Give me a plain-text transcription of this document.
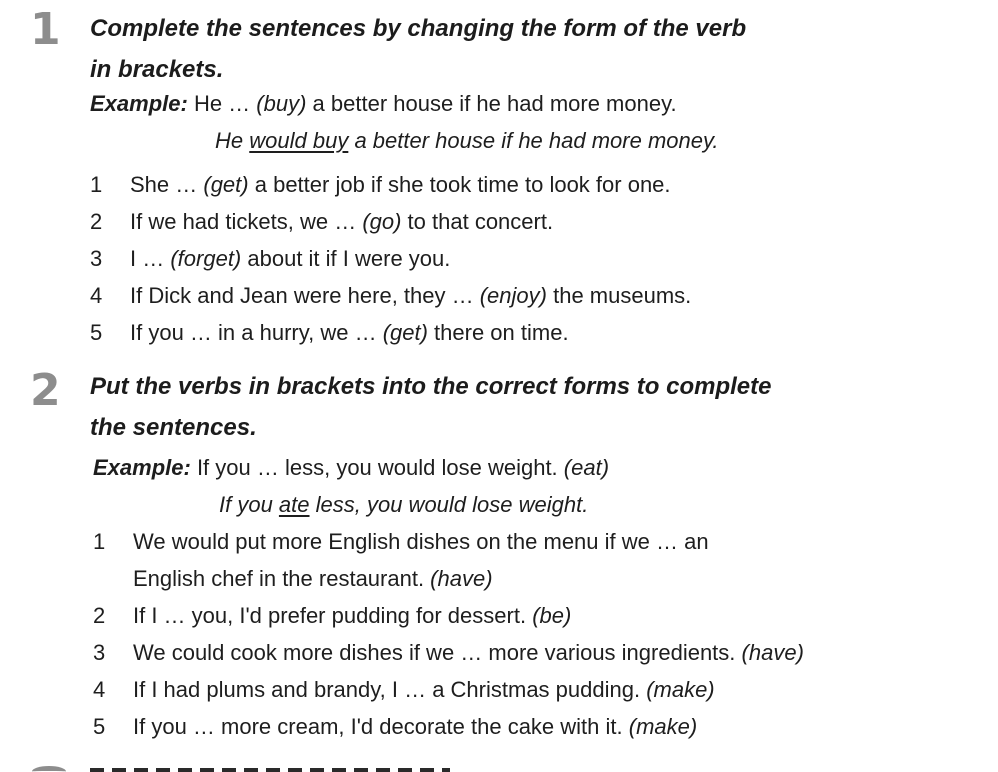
1 Complete the sentences by changing the form of the verb
in brackets.
Example: He … (buy) a better house if he had more money.
He would buy a better house if he had more money.
1 She … (get) a better job if she took time to look for one.
2 If we had tickets, we … (go) to that concert.
3 I … (forget) about it if I were you.
4 If Dick and Jean were here, they … (enjoy) the museums.
5 If you … in a hurry, we … (get) there on time.
2 Put the verbs in brackets into the correct forms to complete
the sentences.
Example: If you … less, you would lose weight. (eat)
If you ate less, you would lose weight.
1 We would put more English dishes on the menu if we … an
English chef in the restaurant. (have)
2 If I … you, I'd prefer pudding for dessert. (be)
3 We could cook more dishes if we … more various ingredients. (have)
4 If I had plums and brandy, I … a Christmas pudding. (make)
5 If you … more cream, I'd decorate the cake with it. (make)
